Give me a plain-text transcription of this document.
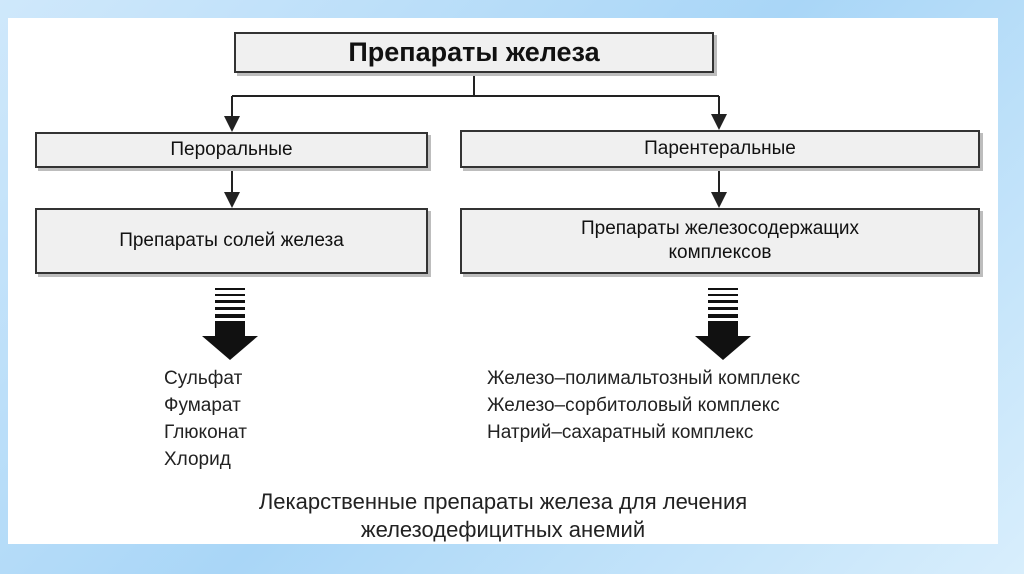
Препараты железа
Пероральные	Парентеральные
Препараты солей железа
Препараты железосодержащих
комплексов
Сульфат
Фумарат
Глюконат
Хлорид
Железо–полимальтозный комплекс
Железо–сорбитоловый комплекс
Натрий–сахаратный комплекс
Лекарственные препараты железа для лечения
железодефицитных анемий
